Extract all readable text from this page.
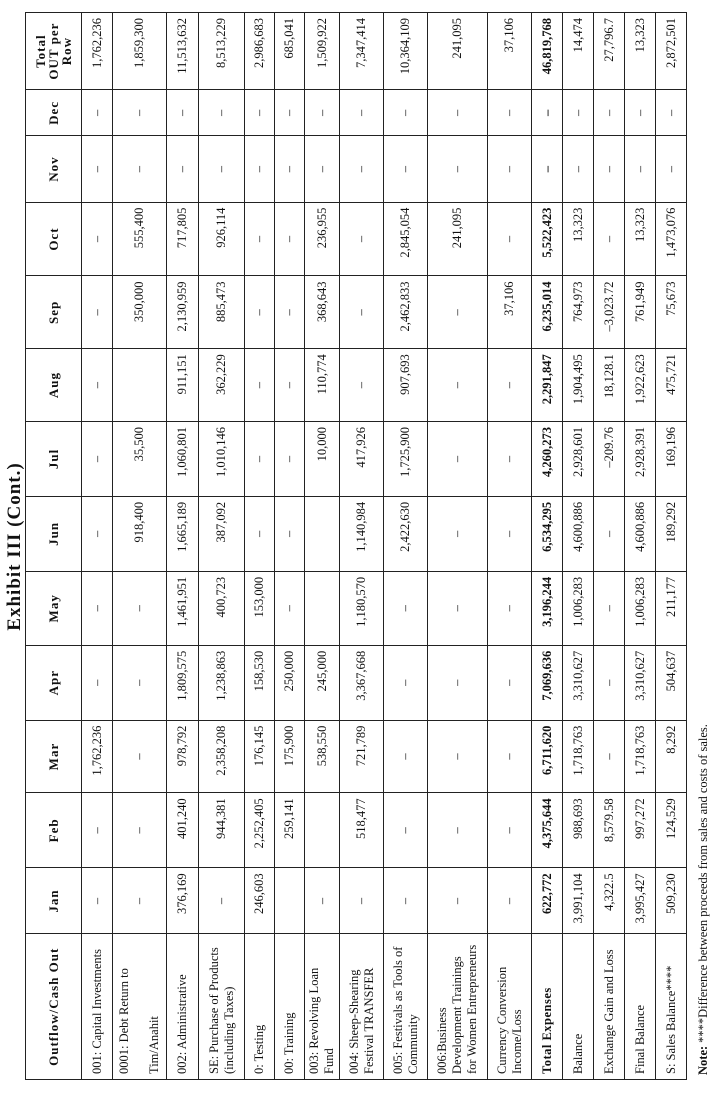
Exhibit III (Cont.)
Outflow/Cash Out	Jan	Feb	Mar	Apr	May	Jun	Jul	Aug	Sep	Oct	Nov	Dec	Total OUT per Row
001: Capital Investments	–	–	1,762,236	–	–	–	–	–	–	–	–	–	1,762,236
0001: Debt Return to

Tim/Anahit	–	–	–	–	–	918,400	35,500		350,000	555,400	–	–	1,859,300
002: Administrative	376,169	401,240	978,792	1,809,575	1,461,951	1,665,189	1,060,801	911,151	2,130,959	717,805	–	–	11,513,632
SE: Purchase of Products (including Taxes)	–	944,381	2,358,208	1,238,863	400,723	387,092	1,010,146	362,229	885,473	926,114	–	–	8,513,229
0: Testing	246,603	2,252,405	176,145	158,530	153,000	–	–	–	–	–	–	–	2,986,683
00: Training		259,141	175,900	250,000	–	–	–	–	–	–	–	–	685,041
003: Revolving Loan Fund	–		538,550	245,000			10,000	110,774	368,643	236,955	–	–	1,509,922
004: Sheep-Shearing Festival TRANSFER	–	518,477	721,789	3,367,668	1,180,570	1,140,984	417,926	–	–	–	–	–	7,347,414
005: Festivals as Tools of Community	–	–	–	–	–	2,422,630	1,725,900	907,693	2,462,833	2,845,054	–	–	10,364,109
006:Business Development Trainings for Women Entrepreneurs	–	–	–	–	–	–	–	–	–	241,095	–	–	241,095
Currency Conversion Income/Loss	–	–	–	–	–	–	–	–	37,106	–	–	–	37,106
Total Expenses	622,772	4,375,644	6,711,620	7,069,636	3,196,244	6,534,295	4,260,273	2,291,847	6,235,014	5,522,423	–	–	46,819,768
Balance	3,991,104	988,693	1,718,763	3,310,627	1,006,283	4,600,886	2,928,601	1,904,495	764,973	13,323	–	–	14,474
Exchange Gain and Loss	4,322.5	8,579.58	–	–	–	–	–209.76	18,128.1	–3,023.72	–	–	–	27,796.7
Final Balance	3,995,427	997,272	1,718,763	3,310,627	1,006,283	4,600,886	2,928,391	1,922,623	761,949	13,323	–	–	13,323
S: Sales Balance****	509,230	124,529	8,292	504,637	211,177	189,292	169,196	475,721	75,673	1,473,076	–	–	2,872,501
Note:****Difference between proceeds from sales and costs of sales.
